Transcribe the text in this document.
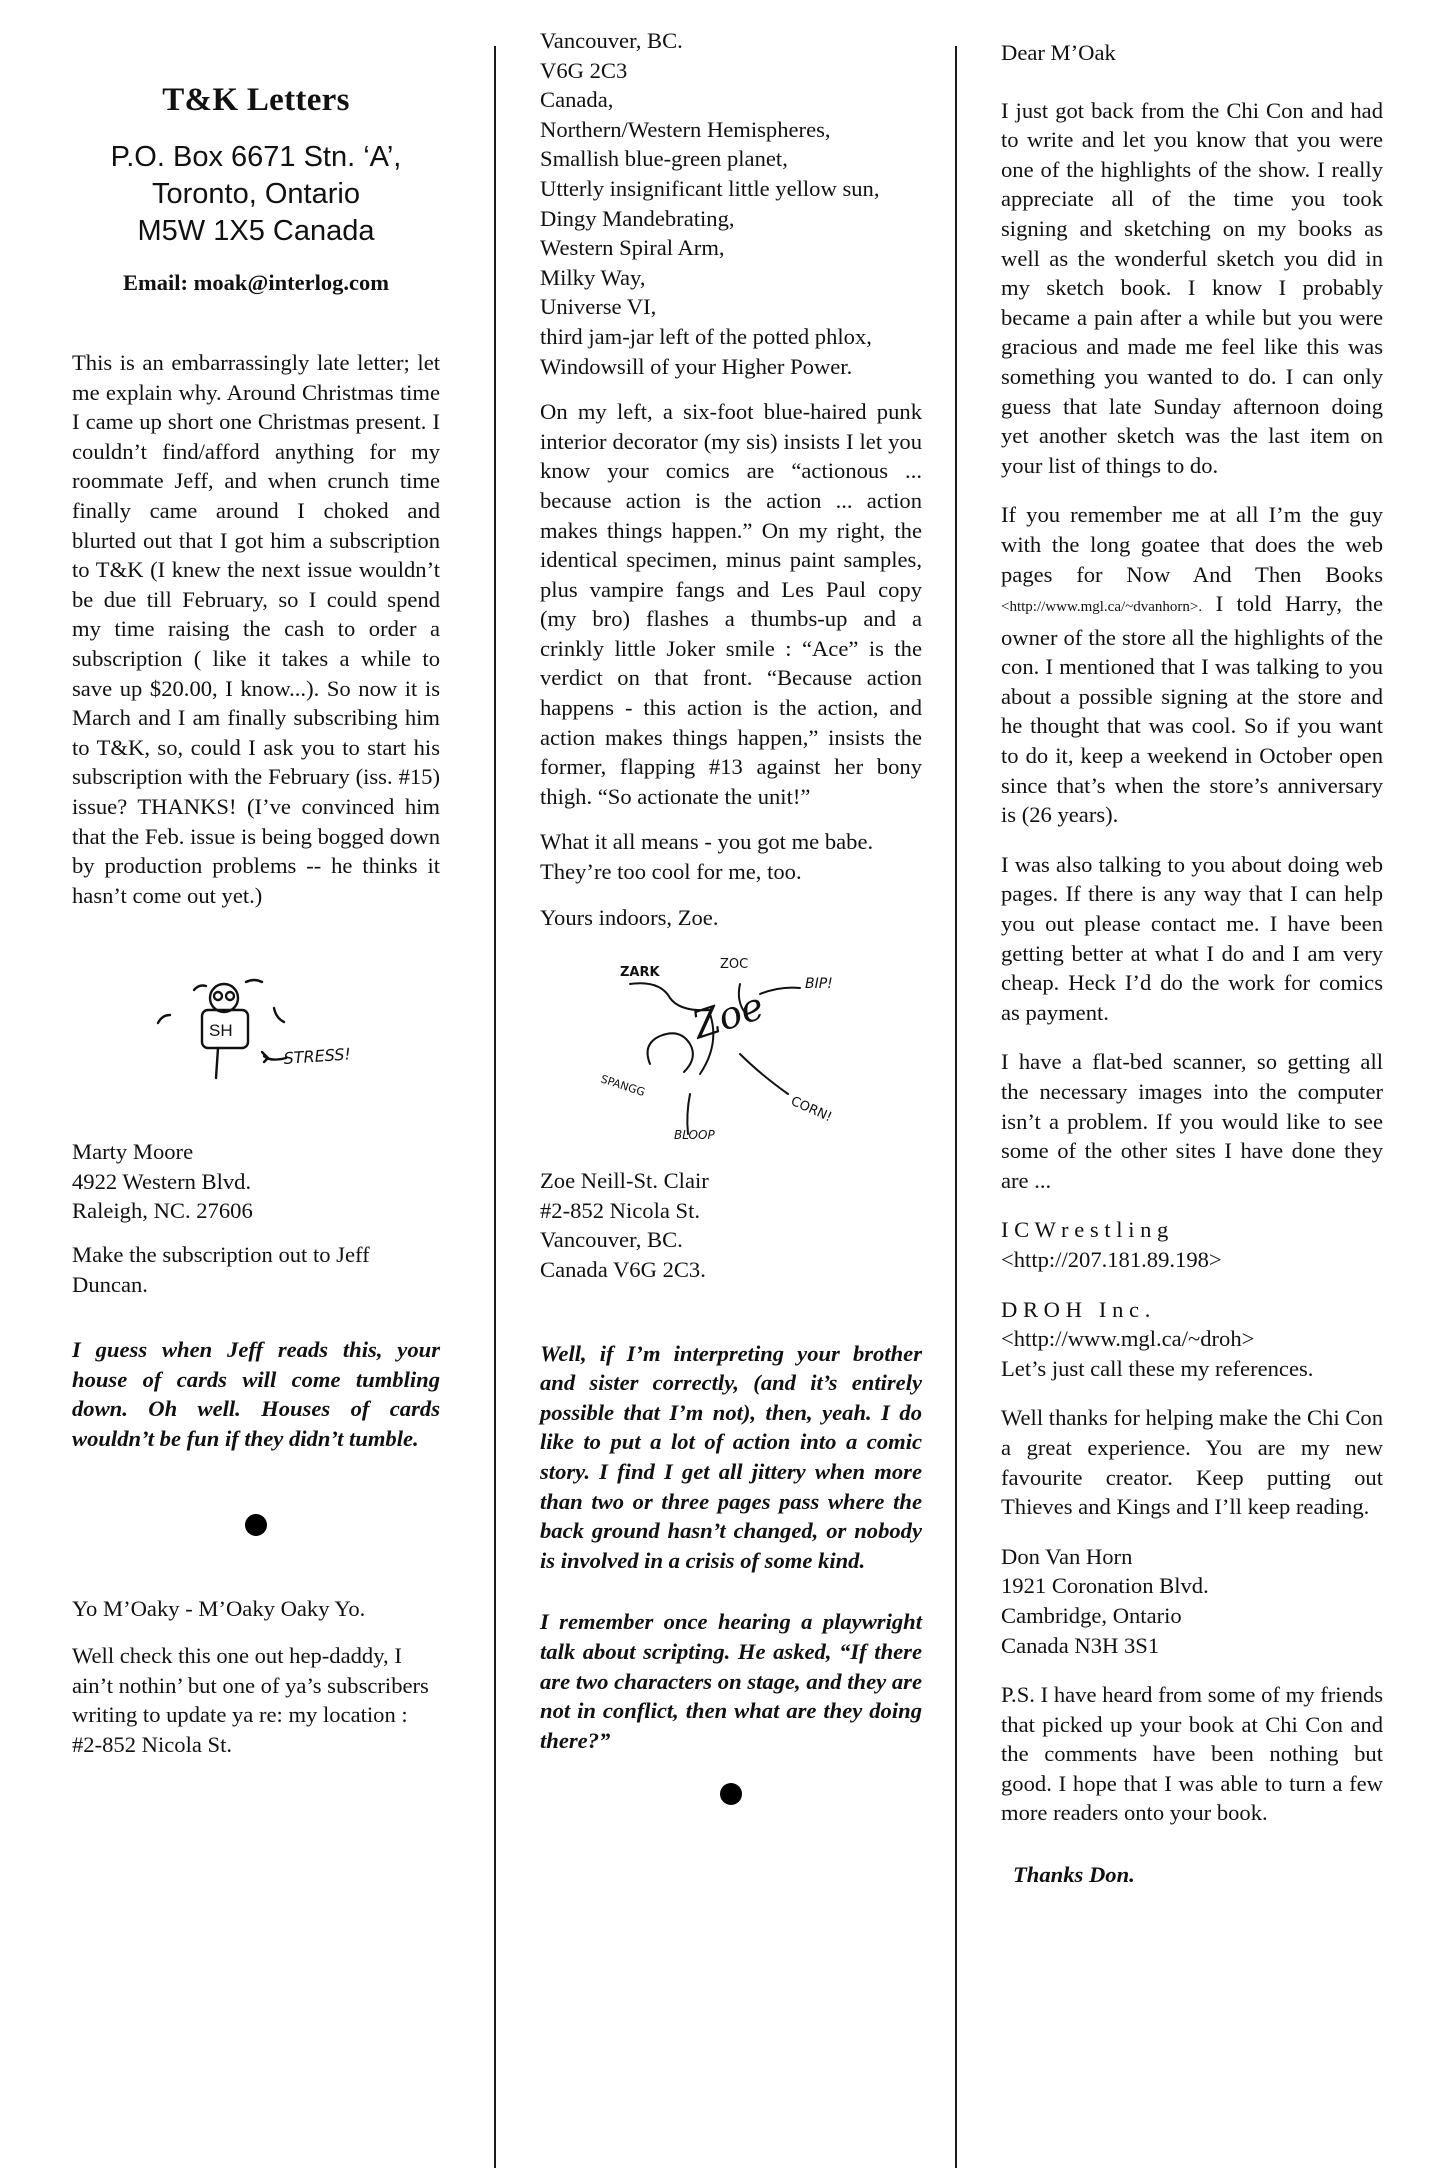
T&K Letters
P.O. Box 6671 Stn. ‘A’,
Toronto, Ontario
M5W 1X5 Canada
Email: moak@interlog.com

This is an embarrassingly late letter; let me explain why. Around Christmas time I came up short one Christmas present. I couldn’t find/afford anything for my roommate Jeff, and when crunch time finally came around I choked and blurted out that I got him a subscription to T&K (I knew the next issue wouldn’t be due till February, so I could spend my time raising the cash to order a subscription ( like it takes a while to save up $20.00, I know...). So now it is March and I am finally subscribing him to T&K, so, could I ask you to start his subscription with the February (iss. #15) issue? THANKS! (I’ve convinced him that the Feb. issue is being bogged down by production problems -- he thinks it hasn’t come out yet.)

SH
STRESS!
Marty Moore
4922 Western Blvd.
Raleigh, NC. 27606

Make the subscription out to Jeff Duncan.

I guess when Jeff reads this, your house of cards will come tumbling down. Oh well. Houses of cards wouldn’t be fun if they didn’t tumble.

Yo M’Oaky - M’Oaky Oaky Yo.

Well check this one out hep-daddy, I ain’t nothin’ but one of ya’s subscribers writing to update ya re: my location :

#2-852 Nicola St.

Vancouver, BC.
V6G 2C3
Canada,
Northern/Western Hemispheres,
Smallish blue-green planet,
Utterly insignificant little yellow sun,
Dingy Mandebrating,
Western Spiral Arm,
Milky Way,
Universe VI,
third jam-jar left of the potted phlox,
Windowsill of your Higher Power.

On my left, a six-foot blue-haired punk interior decorator (my sis) insists I let you know your comics are “actionous ... because action is the action ... action makes things happen.” On my right, the identical specimen, minus paint samples, plus vampire fangs and Les Paul copy (my bro) flashes a thumbs-up and a crinkly little Joker smile : “Ace” is the verdict on that front. “Because action happens - this action is the action, and action makes things happen,” insists the former, flapping #13 against her bony thigh. “So actionate the unit!”

What it all means - you got me babe. They’re too cool for me, too.

Yours indoors, Zoe.

ZARK
ZOC
BIP!
SPANGG
CORN!
BLOOP
Zoe
Zoe Neill-St. Clair
#2-852 Nicola St.
Vancouver, BC.
Canada V6G 2C3.

Well, if I’m interpreting your brother and sister correctly, (and it’s entirely possible that I’m not), then, yeah. I do like to put a lot of action into a comic story. I find I get all jittery when more than two or three pages pass where the back ground hasn’t changed, or nobody is involved in a crisis of some kind.

I remember once hearing a playwright talk about scripting. He asked, “If there are two characters on stage, and they are not in conflict, then what are they doing there?”

Dear M’Oak

I just got back from the Chi Con and had to write and let you know that you were one of the highlights of the show. I really appreciate all of the time you took signing and sketching on my books as well as the wonderful sketch you did in my sketch book. I know I probably became a pain after a while but you were gracious and made me feel like this was something you wanted to do. I can only guess that late Sunday afternoon doing yet another sketch was the last item on your list of things to do.

If you remember me at all I’m the guy with the long goatee that does the web pages for Now And Then Books <http://www.mgl.ca/~dvanhorn>. I told Harry, the owner of the store all the highlights of the con. I mentioned that I was talking to you about a possible signing at the store and he thought that was cool. So if you want to do it, keep a weekend in October open since that’s when the store’s anniversary is (26 years).

I was also talking to you about doing web pages. If there is any way that I can help you out please contact me. I have been getting better at what I do and I am very cheap. Heck I’d do the work for comics as payment.

I have a flat-bed scanner, so getting all the necessary images into the computer isn’t a problem. If you would like to see some of the other sites I have done they are ...

I C W r e s t l i n g
<http://207.181.89.198>
D R O H   I n c .
<http://www.mgl.ca/~droh>
Let’s just call these my references.

Well thanks for helping make the Chi Con a great experience. You are my new favourite creator. Keep putting out Thieves and Kings and I’ll keep reading.

Don Van Horn
1921 Coronation Blvd.
Cambridge, Ontario
Canada N3H 3S1

P.S. I have heard from some of my friends that picked up your book at Chi Con and the comments have been nothing but good. I hope that I was able to turn a few more readers onto your book.

Thanks Don.
